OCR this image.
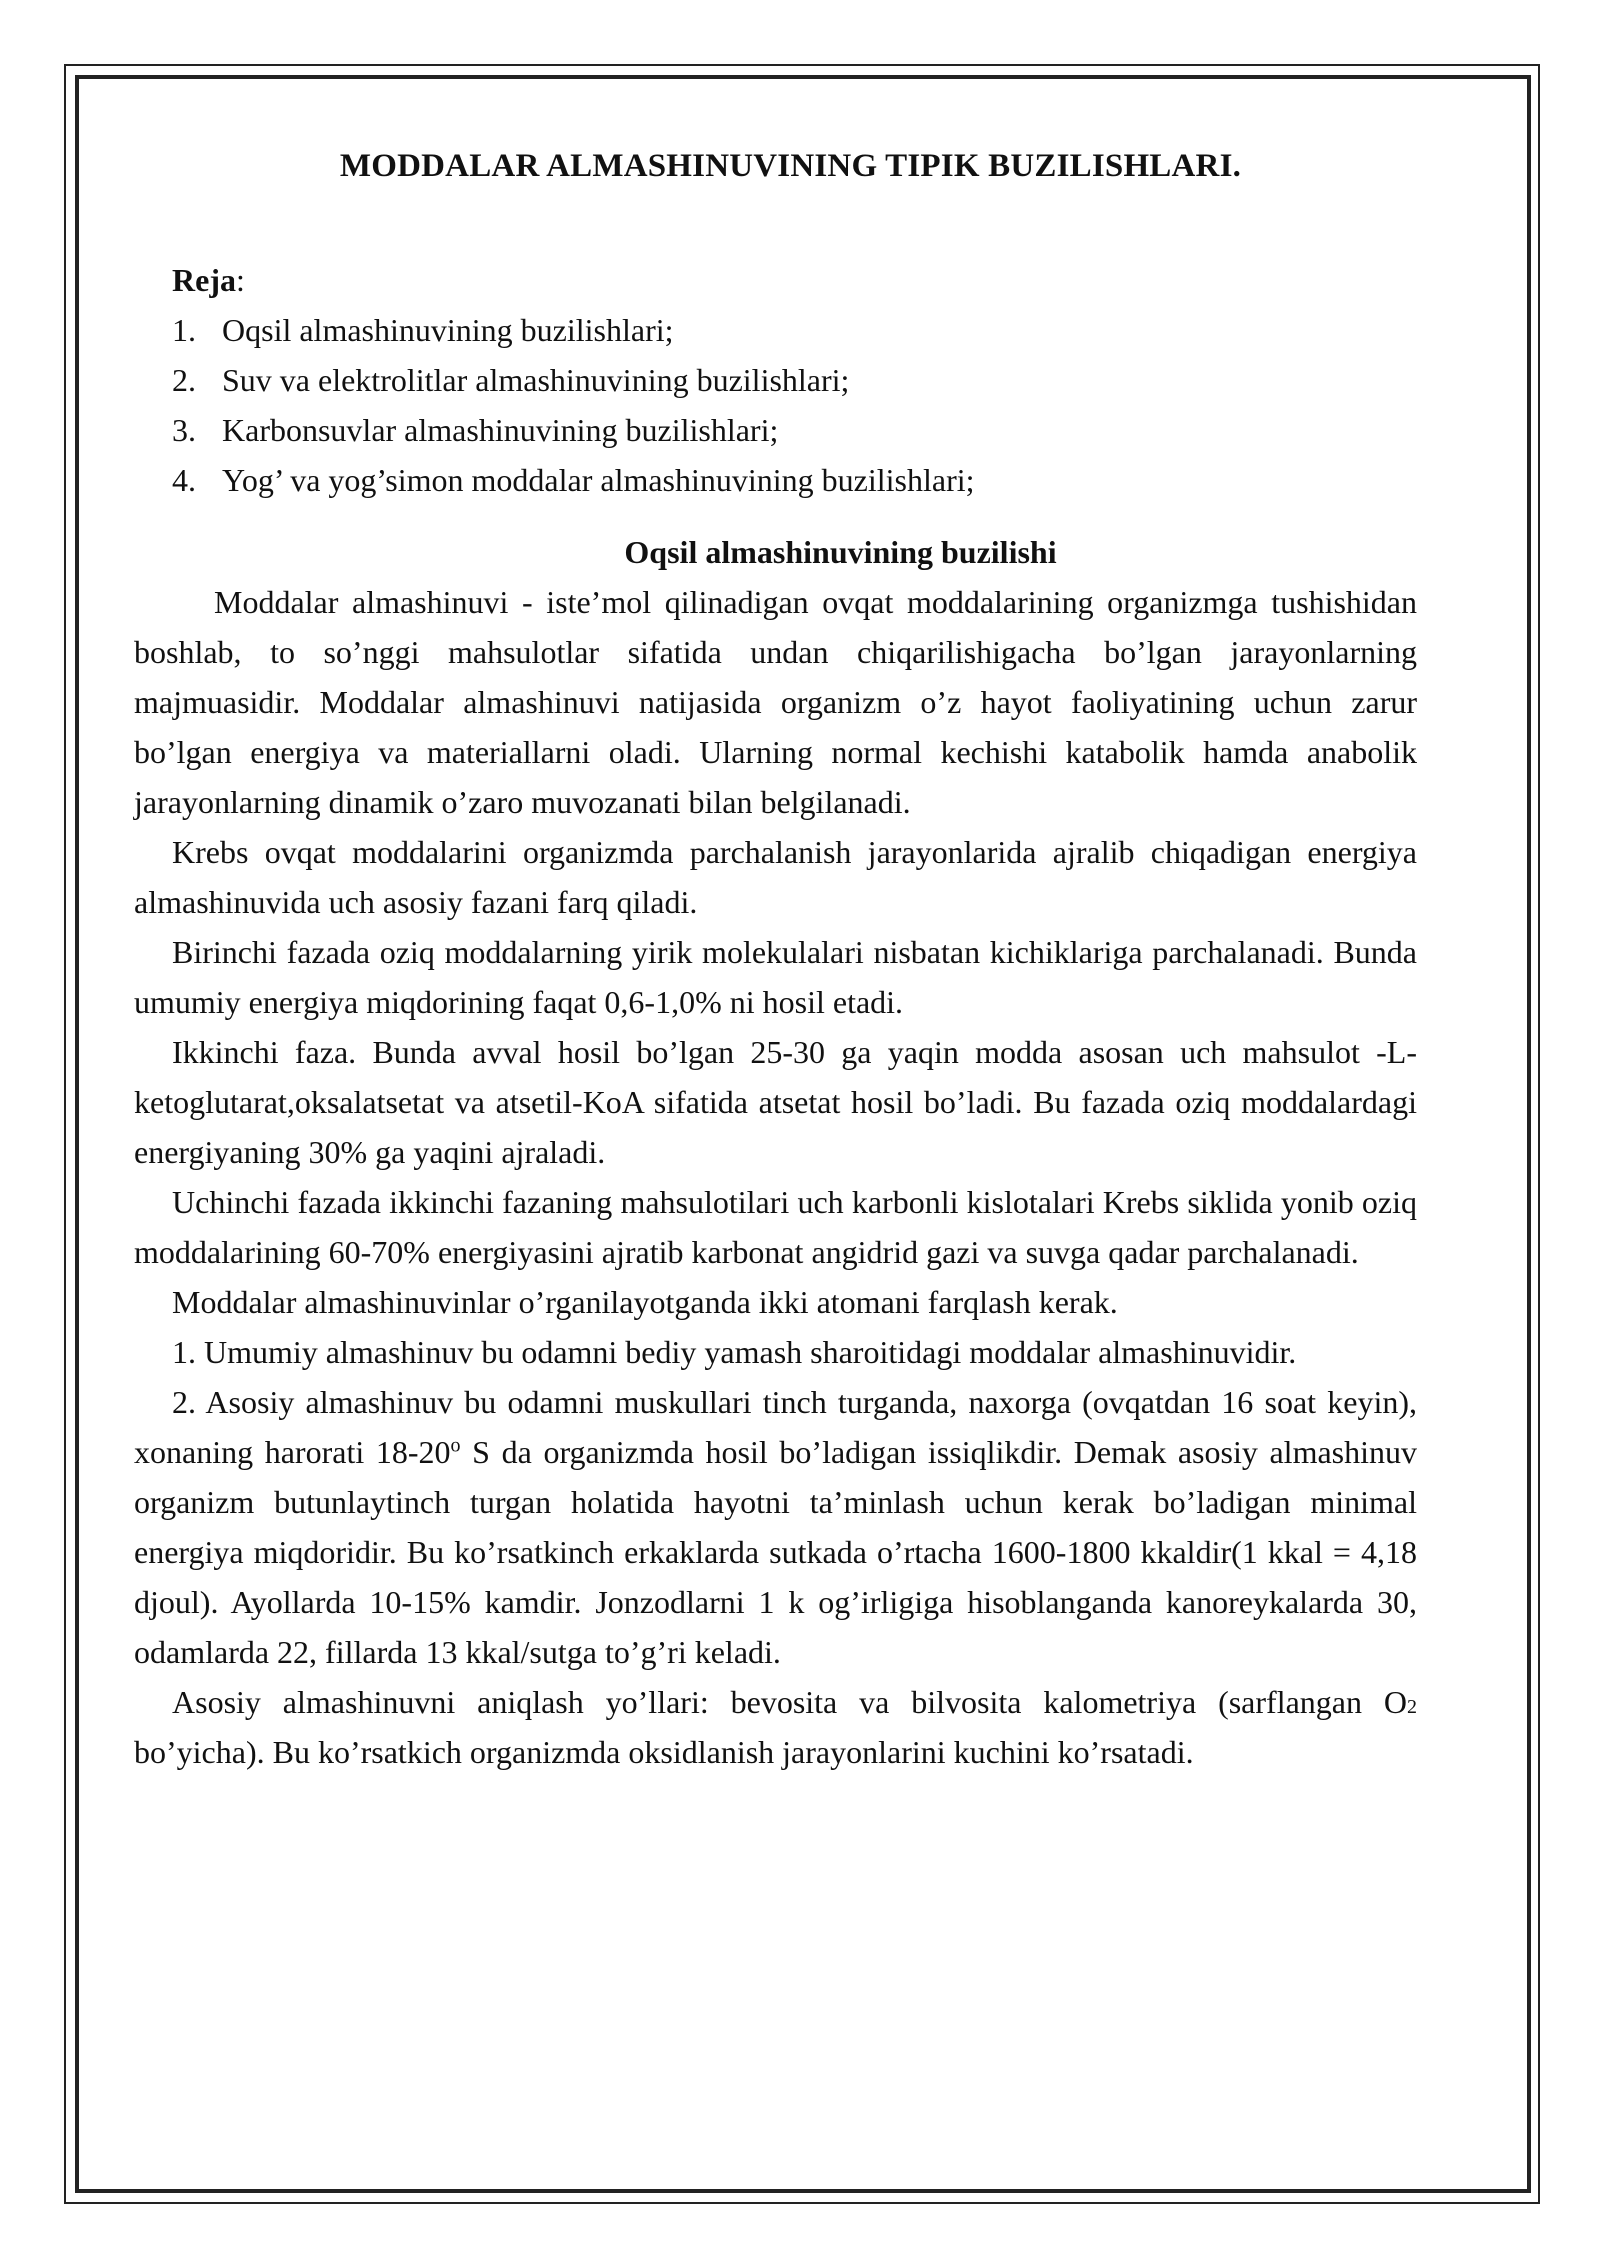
MODDALAR ALMASHINUVINING TIPIK BUZILISHLARI.
Reja:
1. Oqsil almashinuvining buzilishlari;
2. Suv va elektrolitlar almashinuvining buzilishlari;
3. Karbonsuvlar almashinuvining buzilishlari;
4. Yog’ va yog’simon moddalar almashinuvining buzilishlari;
Oqsil almashinuvining buzilishi

Moddalar almashinuvi - iste’mol qilinadigan ovqat moddalarining organizmga tushishidan boshlab, to so’nggi mahsulotlar sifatida undan chiqarilishigacha bo’lgan jarayonlarning majmuasidir. Moddalar almashinuvi natijasida organizm o’z hayot faoliyatining uchun zarur bo’lgan energiya va materiallarni oladi. Ularning normal kechishi katabolik hamda anabolik jarayonlarning dinamik o’zaro muvozanati bilan belgilanadi.

Krebs ovqat moddalarini organizmda parchalanish jarayonlarida ajralib chiqadigan energiya almashinuvida uch asosiy fazani farq qiladi.

Birinchi fazada oziq moddalarning yirik molekulalari nisbatan kichiklariga parchalanadi. Bunda umumiy energiya miqdorining faqat 0,6-1,0% ni hosil etadi.

Ikkinchi faza. Bunda avval hosil bo’lgan 25-30 ga yaqin modda asosan uch mahsulot -L-ketoglutarat,oksalatsetat va atsetil-KoA sifatida atsetat hosil bo’ladi. Bu fazada oziq moddalardagi energiyaning 30% ga yaqini ajraladi.

Uchinchi fazada ikkinchi fazaning mahsulotilari uch karbonli kislotalari Krebs siklida yonib oziq moddalarining 60-70% energiyasini ajratib karbonat angidrid gazi va suvga qadar parchalanadi.

Moddalar almashinuvinlar o’rganilayotganda ikki atomani farqlash kerak.

1. Umumiy almashinuv bu odamni bediy yamash sharoitidagi moddalar almashinuvidir.

2. Asosiy almashinuv bu odamni muskullari tinch turganda, naxorga (ovqatdan 16 soat keyin), xonaning harorati 18-20$^o$ S da organizmda hosil bo’ladigan issiqlikdir. Demak asosiy almashinuv organizm butunlaytinch turgan holatida hayotni ta’minlash uchun kerak bo’ladigan minimal energiya miqdoridir. Bu ko’rsatkinch erkaklarda sutkada o’rtacha 1600-1800 kkaldir(1 kkal = 4,18 djoul). Ayollarda 10-15% kamdir. Jonzodlarni 1 k og’irligiga hisoblanganda kanoreykalarda 30, odamlarda 22, fillarda 13 kkal/sutga to’g’ri keladi.

Asosiy almashinuvni aniqlash yo’llari: bevosita va bilvosita kalometriya (sarflangan O2 bo’yicha). Bu ko’rsatkich organizmda oksidlanish jarayonlarini kuchini ko’rsatadi.
